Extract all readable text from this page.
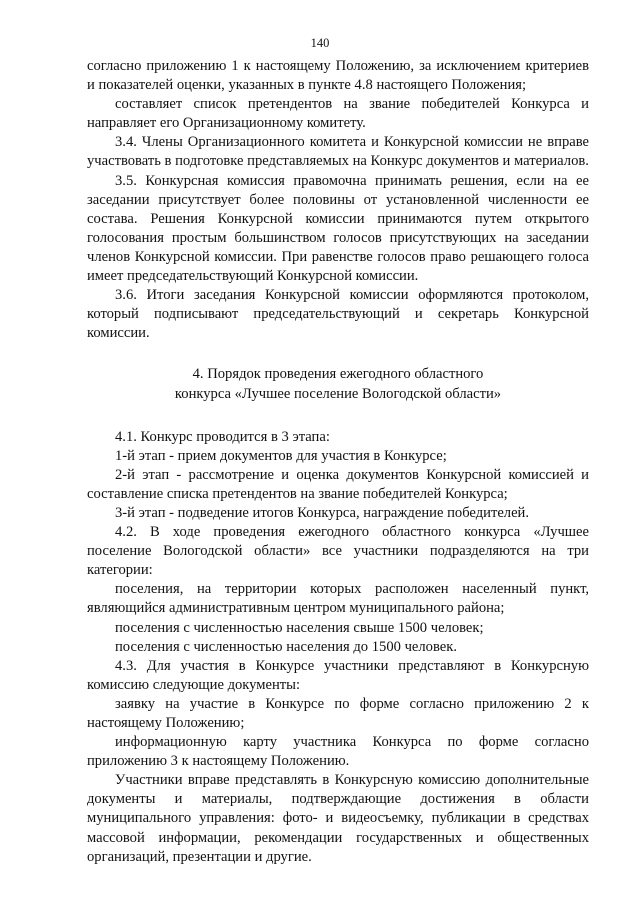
140

согласно приложению 1 к настоящему Положению, за исключением критериев и показателей оценки, указанных в пункте 4.8 настоящего Положения;

составляет список претендентов на звание победителей Конкурса и направляет его Организационному комитету.

3.4. Члены Организационного комитета и Конкурсной комиссии не вправе участвовать в подготовке представляемых на Конкурс документов и материалов.

3.5. Конкурсная комиссия правомочна принимать решения, если на ее заседании присутствует более половины от установленной численности ее состава. Решения Конкурсной комиссии принимаются путем открытого голосования простым большинством голосов присутствующих на заседании членов Конкурсной комиссии. При равенстве голосов право решающего голоса имеет председательствующий Конкурсной комиссии.

3.6. Итоги заседания Конкурсной комиссии оформляются протоколом, который подписывают председательствующий и секретарь Конкурсной комиссии.

4. Порядок проведения ежегодного областного
конкурса «Лучшее поселение Вологодской области»

4.1. Конкурс проводится в 3 этапа:

1-й этап - прием документов для участия в Конкурсе;

2-й этап - рассмотрение и оценка документов Конкурсной комиссией и составление списка претендентов на звание победителей Конкурса;

3-й этап - подведение итогов Конкурса, награждение победителей.

4.2. В ходе проведения ежегодного областного конкурса «Лучшее поселение Вологодской области» все участники подразделяются на три категории:

поселения, на территории которых расположен населенный пункт, являющийся административным центром муниципального района;

поселения с численностью населения свыше 1500 человек;

поселения с численностью населения до 1500 человек.

4.3. Для участия в Конкурсе участники представляют в Конкурсную комиссию следующие документы:

заявку на участие в Конкурсе по форме согласно приложению 2 к настоящему Положению;

информационную карту участника Конкурса по форме согласно приложению 3 к настоящему Положению.

Участники вправе представлять в Конкурсную комиссию дополнительные документы и материалы, подтверждающие достижения в области муниципального управления: фото- и видеосъемку, публикации в средствах массовой информации, рекомендации государственных и общественных организаций, презентации и другие.
